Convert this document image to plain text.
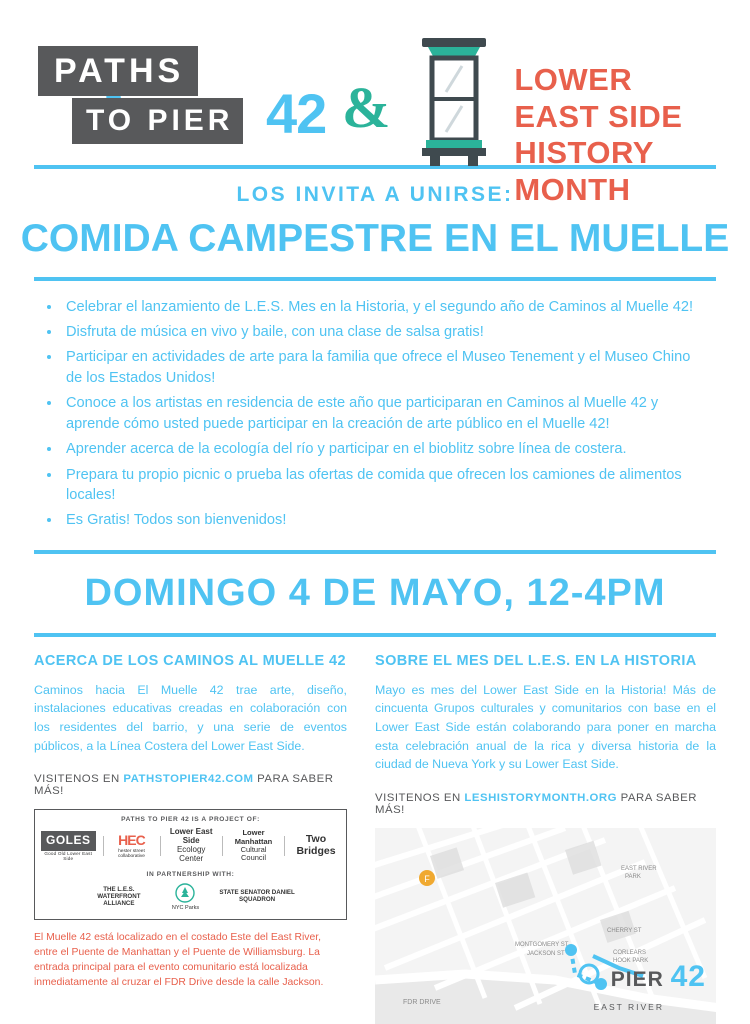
PATHS
TO PIER 42 &	LOWER EAST SIDE
HISTORY MONTH
LOS INVITA A UNIRSE:
COMIDA CAMPESTRE EN EL MUELLE
• Celebrar el lanzamiento de L.E.S. Mes en la Historia, y el segundo año de Caminos al Muelle 42!
• Disfruta de música en vivo y baile, con una clase de salsa gratis!
• Participar en actividades de arte para la familia que ofrece el Museo Tenement y el Museo Chino de los Estados Unidos!
• Conoce a los artistas en residencia de este año que participaran en Caminos al Muelle 42 y aprende cómo usted puede participar en la creación de arte público en el Muelle 42!
• Aprender acerca de la ecología del río y participar en el bioblitz sobre línea de costera.
• Prepara tu propio picnic o prueba las ofertas de comida que ofrecen los camiones de alimentos locales!
• Es Gratis! Todos son bienvenidos!
DOMINGO 4 DE MAYO, 12-4PM
ACERCA DE LOS CAMINOS AL MUELLE 42
Caminos hacia El Muelle 42 trae arte, diseño, instalaciones educativas creadas en colaboración con los residentes del barrio, y una serie de eventos públicos, a la Línea Costera del Lower East Side.
VISITENOS EN PATHSTOPIER42.COM PARA SABER MÁS!
PATHS TO PIER 42 IS A PROJECT OF:
GOLES
Good Old Lower East Side
HEC
hester street collaborative
Lower East Side
Ecology Center
Lower Manhattan
Cultural Council
Two Bridges
IN PARTNERSHIP WITH:
THE L.E.S. WATERFRONT ALLIANCE
NYC Parks
STATE SENATOR DANIEL SQUADRON
El Muelle 42 está localizado en el costado Este del East River, entre el Puente de Manhattan y el Puente de Williamsburg. La entrada principal para el evento comunitario está localizada inmediatamente al cruzar el FDR Drive desde la calle Jackson.
SOBRE EL MES DEL L.E.S. EN LA HISTORIA
Mayo es mes del Lower East Side en la Historia! Más de cincuenta Grupos culturales y comunitarios con base en el Lower East Side están colaborando para poner en marcha esta celebración anual de la rica y diversa historia de la ciudad de Nueva York y su Lower East Side.
VISITENOS EN LESHISTORYMONTH.ORG PARA SABER MÁS!
F
FDR DRIVE
MONTGOMERY ST
JACKSON ST
CHERRY ST
CORLEARS
HOOK PARK
EAST RIVER
PARK
PIER 42
EAST RIVER
